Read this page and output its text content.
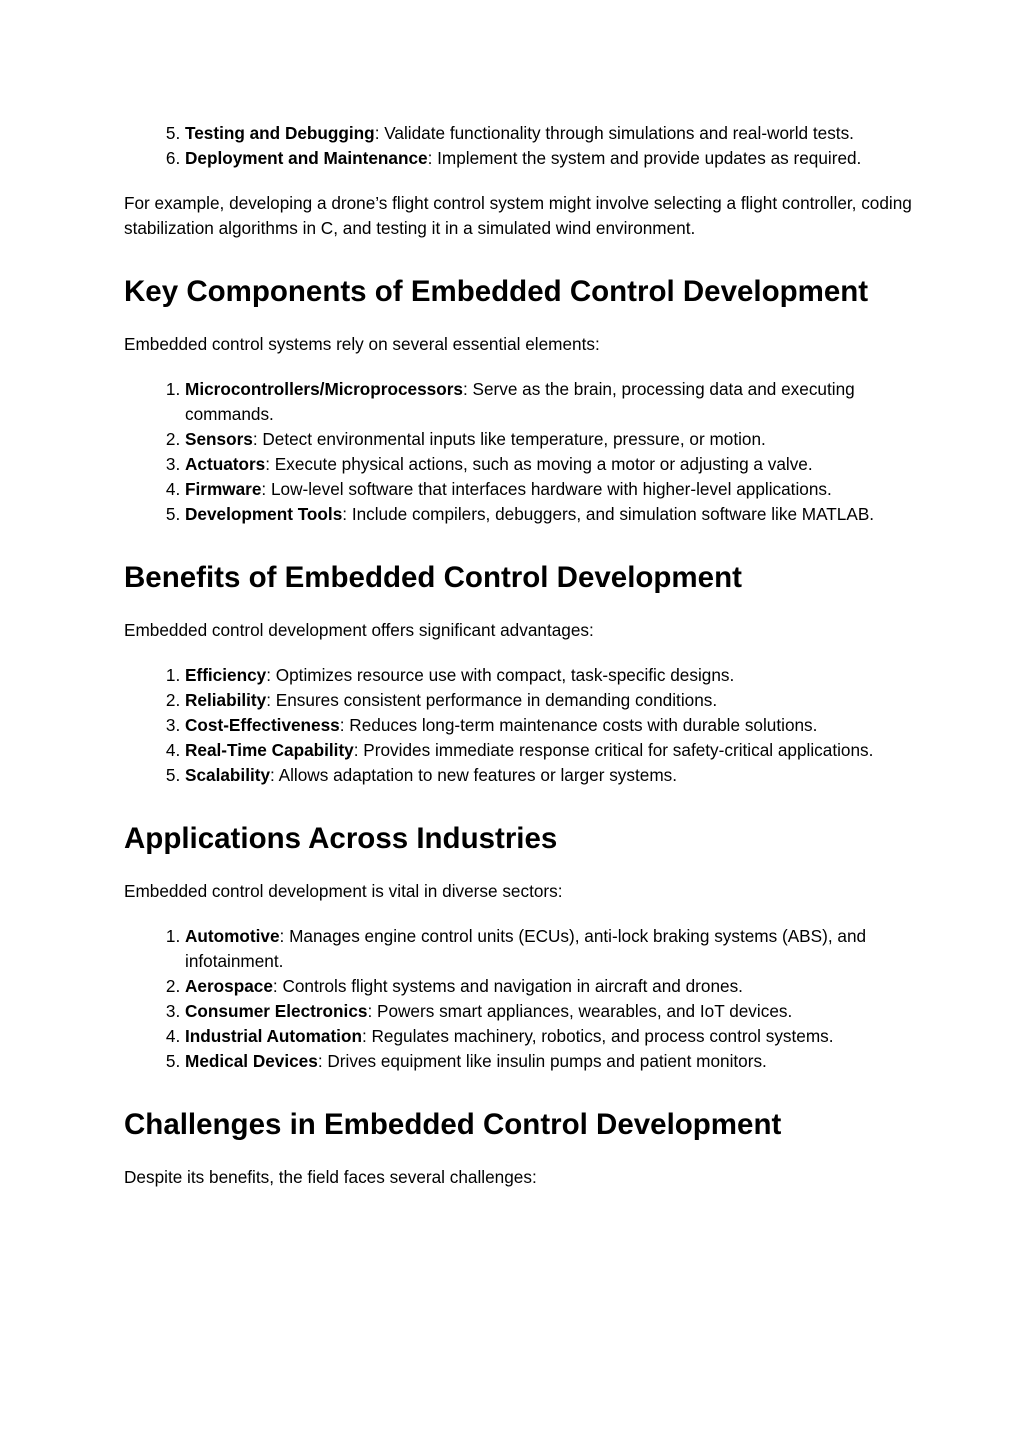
5. Testing and Debugging: Validate functionality through simulations and real-world tests.
6. Deployment and Maintenance: Implement the system and provide updates as required.

For example, developing a drone’s flight control system might involve selecting a flight controller, coding stabilization algorithms in C, and testing it in a simulated wind environment.

Key Components of Embedded Control Development

Embedded control systems rely on several essential elements:

1. Microcontrollers/Microprocessors: Serve as the brain, processing data and executing commands.
2. Sensors: Detect environmental inputs like temperature, pressure, or motion.
3. Actuators: Execute physical actions, such as moving a motor or adjusting a valve.
4. Firmware: Low-level software that interfaces hardware with higher-level applications.
5. Development Tools: Include compilers, debuggers, and simulation software like MATLAB.
Benefits of Embedded Control Development

Embedded control development offers significant advantages:

1. Efficiency: Optimizes resource use with compact, task-specific designs.
2. Reliability: Ensures consistent performance in demanding conditions.
3. Cost-Effectiveness: Reduces long-term maintenance costs with durable solutions.
4. Real-Time Capability: Provides immediate response critical for safety-critical applications.
5. Scalability: Allows adaptation to new features or larger systems.
Applications Across Industries

Embedded control development is vital in diverse sectors:

1. Automotive: Manages engine control units (ECUs), anti-lock braking systems (ABS), and infotainment.
2. Aerospace: Controls flight systems and navigation in aircraft and drones.
3. Consumer Electronics: Powers smart appliances, wearables, and IoT devices.
4. Industrial Automation: Regulates machinery, robotics, and process control systems.
5. Medical Devices: Drives equipment like insulin pumps and patient monitors.
Challenges in Embedded Control Development

Despite its benefits, the field faces several challenges:
